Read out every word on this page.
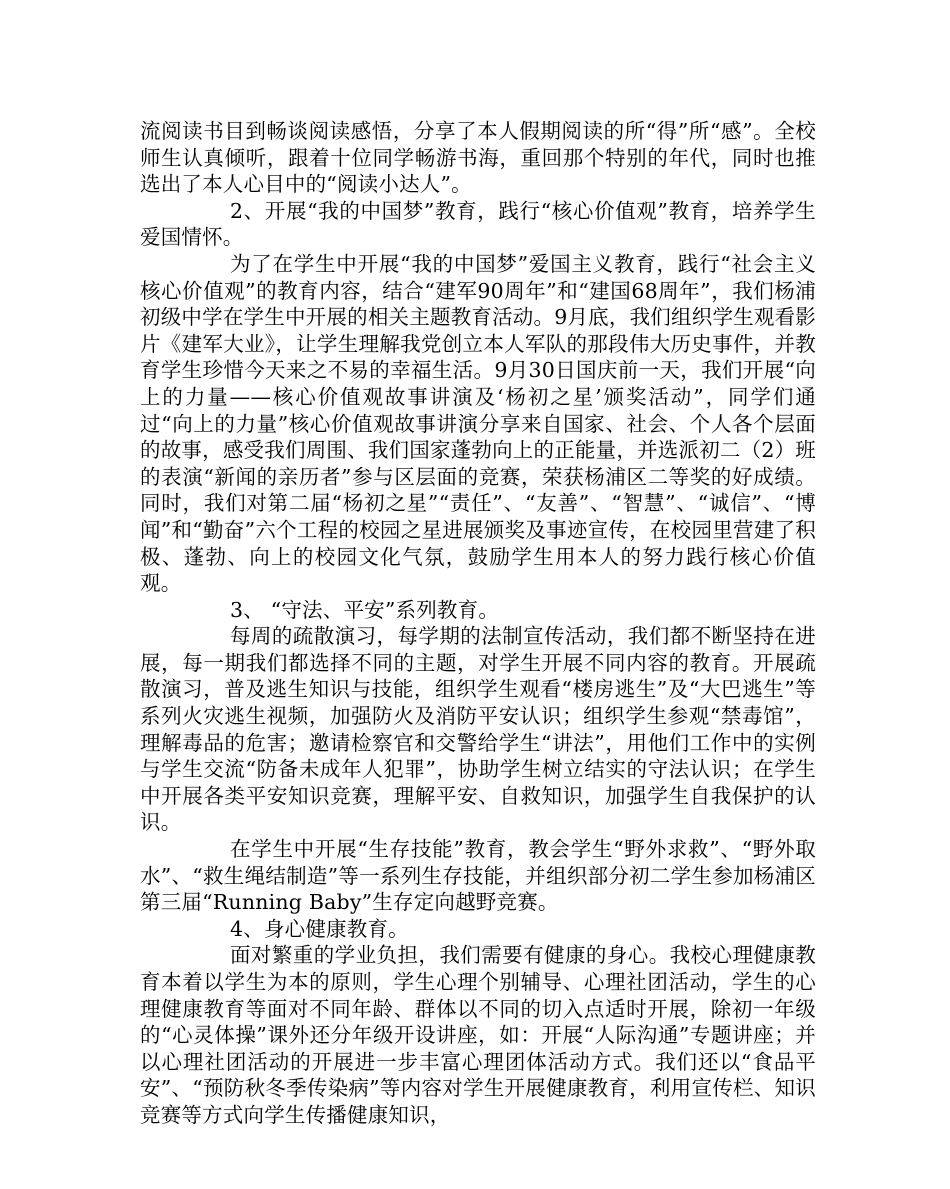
流阅读书目到畅谈阅读感悟，分享了本人假期阅读的所“得”所“感”。全校师生认真倾听，跟着十位同学畅游书海，重回那个特别的年代，同时也推选出了本人心目中的“阅读小达人”。

2、开展“我的中国梦”教育，践行“核心价值观”教育，培养学生爱国情怀。

为了在学生中开展“我的中国梦”爱国主义教育，践行“社会主义核心价值观”的教育内容，结合“建军90周年”和“建国68周年”，我们杨浦初级中学在学生中开展的相关主题教育活动。9月底，我们组织学生观看影片《建军大业》，让学生理解我党创立本人军队的那段伟大历史事件，并教育学生珍惜今天来之不易的幸福生活。9月30日国庆前一天，我们开展“向上的力量——核心价值观故事讲演及‘杨初之星’颁奖活动”，同学们通过“向上的力量”核心价值观故事讲演分享来自国家、社会、个人各个层面的故事，感受我们周围、我们国家蓬勃向上的正能量，并选派初二（2）班的表演“新闻的亲历者”参与区层面的竞赛，荣获杨浦区二等奖的好成绩。同时，我们对第二届“杨初之星”“责任”、“友善”、“智慧”、“诚信”、“博闻”和“勤奋”六个工程的校园之星进展颁奖及事迹宣传，在校园里营建了积极、蓬勃、向上的校园文化气氛，鼓励学生用本人的努力践行核心价值观。

3、 “守法、平安”系列教育。

每周的疏散演习，每学期的法制宣传活动，我们都不断坚持在进展，每一期我们都选择不同的主题，对学生开展不同内容的教育。开展疏散演习，普及逃生知识与技能，组织学生观看“楼房逃生”及“大巴逃生”等系列火灾逃生视频，加强防火及消防平安认识；组织学生参观“禁毒馆”，理解毒品的危害；邀请检察官和交警给学生“讲法”，用他们工作中的实例与学生交流“防备未成年人犯罪”，协助学生树立结实的守法认识；在学生中开展各类平安知识竞赛，理解平安、自救知识，加强学生自我保护的认识。

在学生中开展“生存技能”教育，教会学生“野外求救”、“野外取水”、“救生绳结制造”等一系列生存技能，并组织部分初二学生参加杨浦区第三届“Running Baby”生存定向越野竞赛。

4、身心健康教育。

面对繁重的学业负担，我们需要有健康的身心。我校心理健康教育本着以学生为本的原则，学生心理个别辅导、心理社团活动，学生的心理健康教育等面对不同年龄、群体以不同的切入点适时开展，除初一年级的“心灵体操”课外还分年级开设讲座，如：开展“人际沟通”专题讲座；并以心理社团活动的开展进一步丰富心理团体活动方式。我们还以“食品平安”、“预防秋冬季传染病”等内容对学生开展健康教育，利用宣传栏、知识竞赛等方式向学生传播健康知识，
